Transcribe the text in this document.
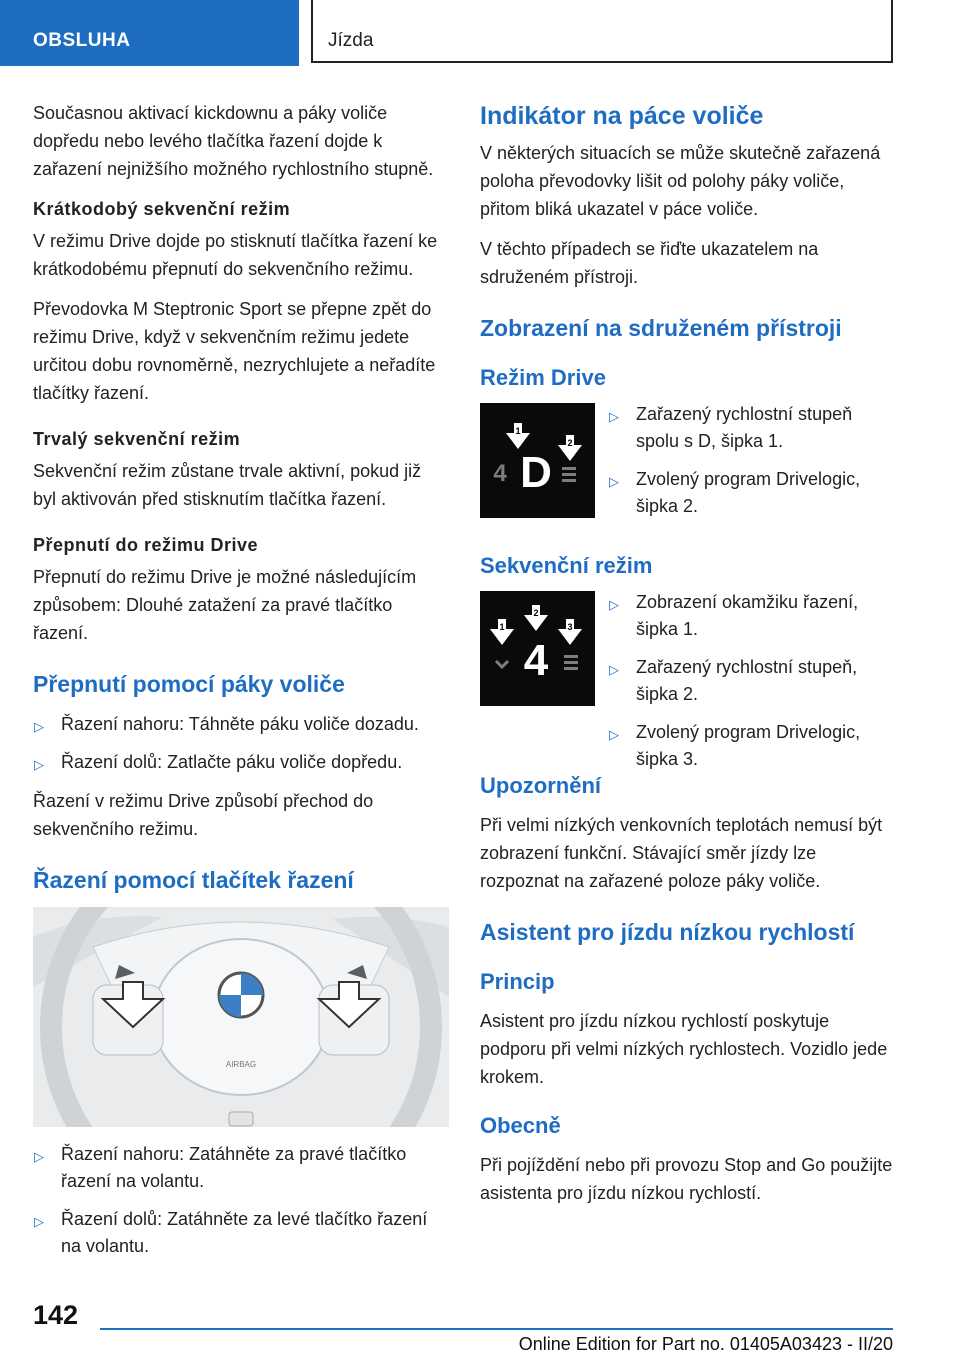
OBSLUHA	Jízda

Současnou aktivací kickdownu a páky voliče dopředu nebo levého tlačítka řazení dojde k zařazení nejnižšího možného rychlostního stupně.

Krátkodobý sekvenční režim

V režimu Drive dojde po stisknutí tlačítka řazení ke krátkodobému přepnutí do sekvenčního režimu.

Převodovka M Steptronic Sport se přepne zpět do režimu Drive, když v sekvenčním režimu jedete určitou dobu rovnoměrně, nezrychlujete a neřadíte tlačítky řazení.

Trvalý sekvenční režim

Sekvenční režim zůstane trvale aktivní, pokud již byl aktivován před stisknutím tlačítka řazení.

Přepnutí do režimu Drive

Přepnutí do režimu Drive je možné následujícím způsobem: Dlouhé zatažení za pravé tlačítko řazení.

Přepnutí pomocí páky voliče
▷ Řazení nahoru: Táhněte páku voliče dozadu.
▷ Řazení dolů: Zatlačte páku voliče dopředu.

Řazení v režimu Drive způsobí přechod do sekvenčního režimu.

Řazení pomocí tlačítek řazení
AIRBAG
▷ Řazení nahoru: Zatáhněte za pravé tlačítko řazení na volantu.
▷ Řazení dolů: Zatáhněte za levé tlačítko řazení na volantu.
Indikátor na páce voliče

V některých situacích se může skutečně zařazená poloha převodovky lišit od polohy páky voliče, přitom bliká ukazatel v páce voliče.

V těchto případech se řiďte ukazatelem na sdruženém přístroji.

Zobrazení na sdruženém přístroji
Režim Drive
4 D
1
2
▷ Zařazený rychlostní stupeň spolu s D, šipka 1.
▷ Zvolený program Drivelogic, šipka 2.
Sekvenční režim
4
1
2
3
▷ Zobrazení okamžiku řazení, šipka 1.
▷ Zařazený rychlostní stupeň, šipka 2.
▷ Zvolený program Drivelogic, šipka 3.
Upozornění

Při velmi nízkých venkovních teplotách nemusí být zobrazení funkční. Stávající směr jízdy lze rozpoznat na zařazené poloze páky voliče.

Asistent pro jízdu nízkou rychlostí
Princip

Asistent pro jízdu nízkou rychlostí poskytuje podporu při velmi nízkých rychlostech. Vozidlo jede krokem.

Obecně

Při pojíždění nebo při provozu Stop and Go použijte asistenta pro jízdu nízkou rychlostí.

142
Online Edition for Part no. 01405A03423 - II/20
